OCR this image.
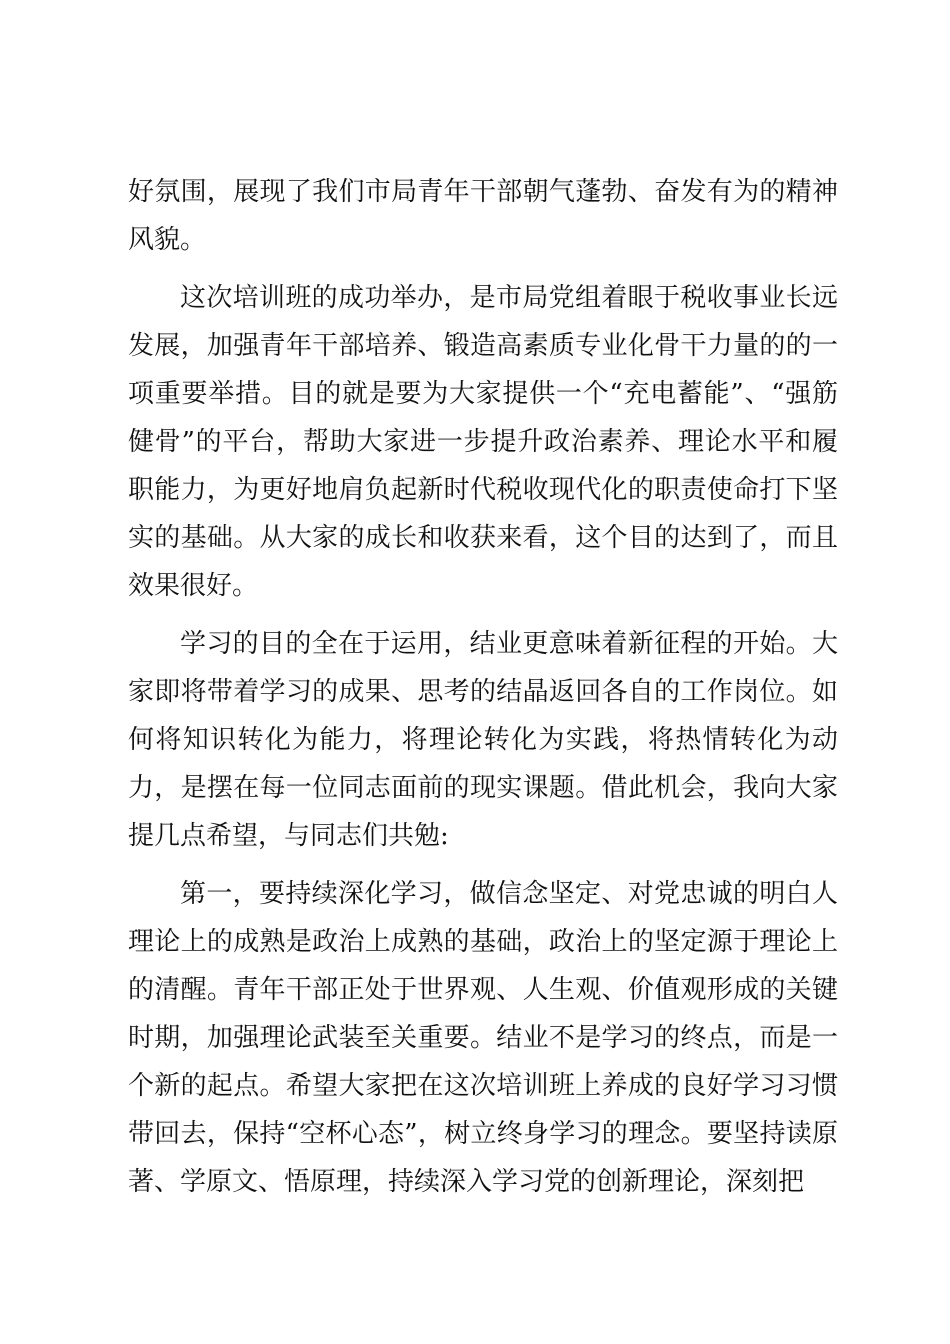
好氛围，展现了我们市局青年干部朝气蓬勃、奋发有为的精神风貌。

这次培训班的成功举办，是市局党组着眼于税收事业长远发展，加强青年干部培养、锻造高素质专业化骨干力量的的一项重要举措。目的就是要为大家提供一个“充电蓄能”、“强筋健骨”的平台，帮助大家进一步提升政治素养、理论水平和履职能力，为更好地肩负起新时代税收现代化的职责使命打下坚实的基础。从大家的成长和收获来看，这个目的达到了，而且效果很好。

学习的目的全在于运用，结业更意味着新征程的开始。大家即将带着学习的成果、思考的结晶返回各自的工作岗位。如何将知识转化为能力，将理论转化为实践，将热情转化为动力，是摆在每一位同志面前的现实课题。借此机会，我向大家提几点希望，与同志们共勉:

第一，要持续深化学习，做信念坚定、对党忠诚的明白人理论上的成熟是政治上成熟的基础，政治上的坚定源于理论上的清醒。青年干部正处于世界观、人生观、价值观形成的关键时期，加强理论武装至关重要。结业不是学习的终点，而是一个新的起点。希望大家把在这次培训班上养成的良好学习习惯带回去，保持“空杯心态”，树立终身学习的理念。要坚持读原著、学原文、悟原理，持续深入学习党的创新理论，深刻把
